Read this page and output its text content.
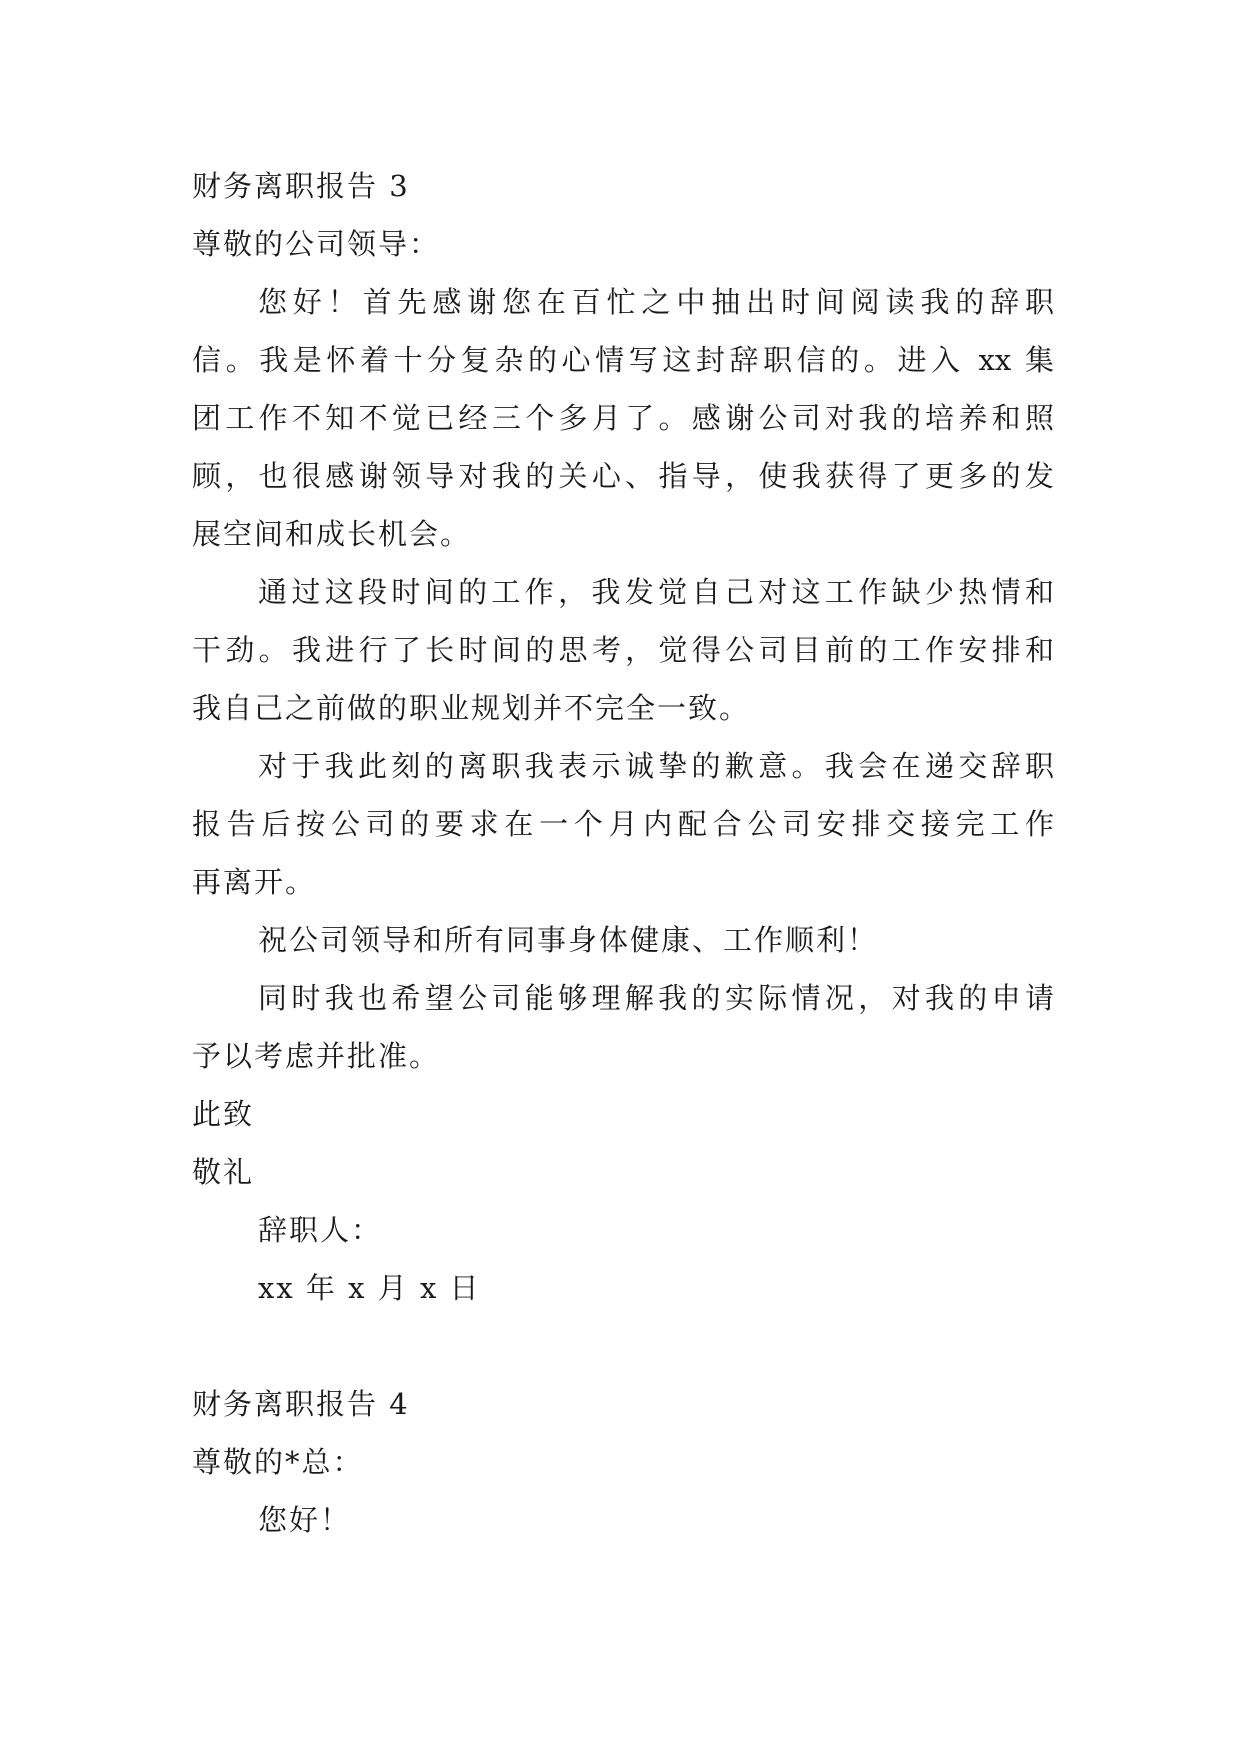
财务离职报告 3
尊敬的公司领导：
您好！首先感谢您在百忙之中抽出时间阅读我的辞职
信。我是怀着十分复杂的心情写这封辞职信的。进入 xx 集
团工作不知不觉已经三个多月了。感谢公司对我的培养和照
顾，也很感谢领导对我的关心、指导，使我获得了更多的发
展空间和成长机会。
通过这段时间的工作，我发觉自己对这工作缺少热情和
干劲。我进行了长时间的思考，觉得公司目前的工作安排和
我自己之前做的职业规划并不完全一致。
对于我此刻的离职我表示诚挚的歉意。我会在递交辞职
报告后按公司的要求在一个月内配合公司安排交接完工作
再离开。
祝公司领导和所有同事身体健康、工作顺利！
同时我也希望公司能够理解我的实际情况，对我的申请
予以考虑并批准。
此致
敬礼
辞职人：
xx 年 x 月 x 日
财务离职报告 4
尊敬的*总：
您好！
